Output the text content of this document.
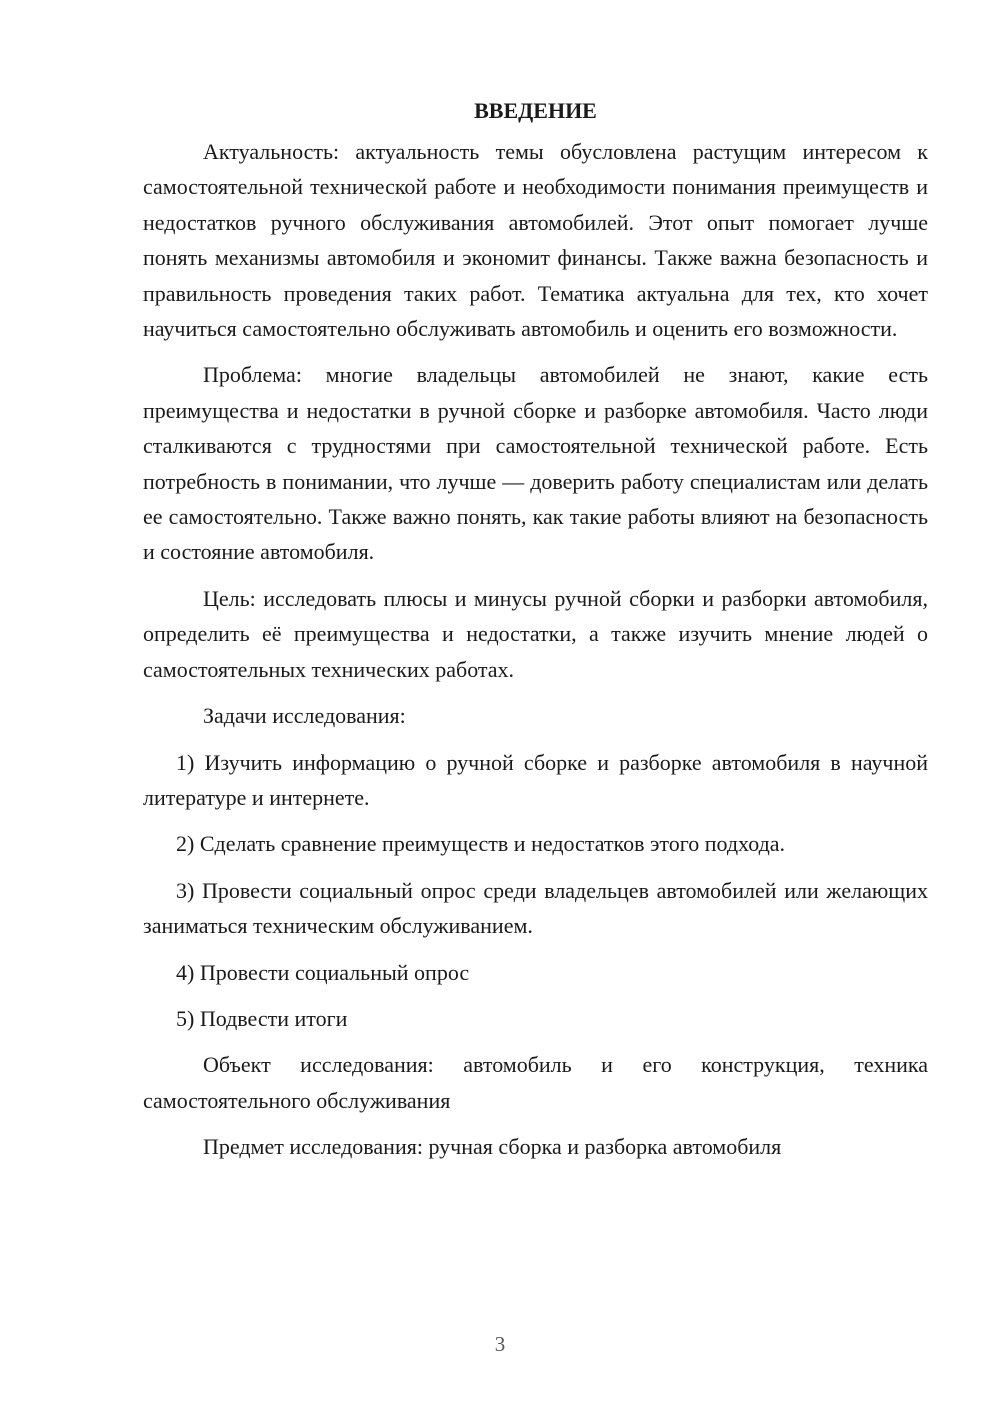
ВВЕДЕНИЕ

Актуальность: актуальность темы обусловлена растущим интересом к самостоятельной технической работе и необходимости понимания преимуществ и недостатков ручного обслуживания автомобилей. Этот опыт помогает лучше понять механизмы автомобиля и экономит финансы. Также важна безопасность и правильность проведения таких работ. Тематика актуальна для тех, кто хочет научиться самостоятельно обслуживать автомобиль и оценить его возможности.

Проблема: многие владельцы автомобилей не знают, какие есть преимущества и недостатки в ручной сборке и разборке автомобиля. Часто люди сталкиваются с трудностями при самостоятельной технической работе. Есть потребность в понимании, что лучше — доверить работу специалистам или делать ее самостоятельно. Также важно понять, как такие работы влияют на безопасность и состояние автомобиля.

Цель: исследовать плюсы и минусы ручной сборки и разборки автомобиля, определить её преимущества и недостатки, а также изучить мнение людей о самостоятельных технических работах.

Задачи исследования:

1) Изучить информацию о ручной сборке и разборке автомобиля в научной литературе и интернете.

2) Сделать сравнение преимуществ и недостатков этого подхода.

3) Провести социальный опрос среди владельцев автомобилей или желающих заниматься техническим обслуживанием.

4) Провести социальный опрос

5) Подвести итоги

Объект исследования: автомобиль и его конструкция, техника самостоятельного обслуживания

Предмет исследования: ручная сборка и разборка автомобиля

3
